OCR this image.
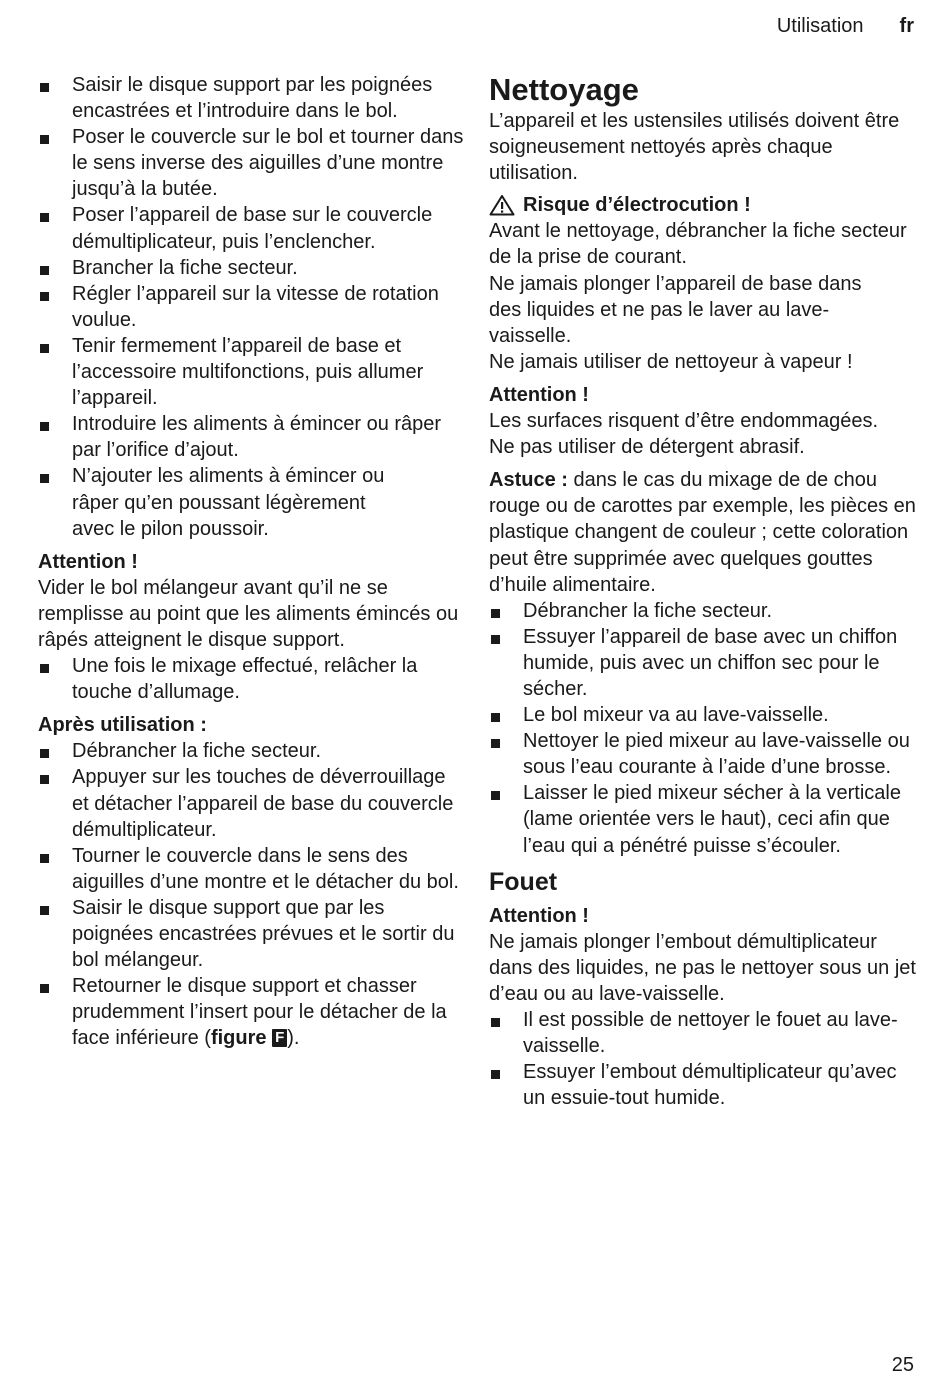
Utilisation fr
Saisir le disque support par les poignées encastrées et l’introduire dans le bol.
Poser le couvercle sur le bol et tourner dans le sens inverse des aiguilles d’une montre jusqu’à la butée.
Poser l’appareil de base sur le couvercle démultiplicateur, puis l’enclencher.
Brancher la fiche secteur.
Régler l’appareil sur la vitesse de rotation voulue.
Tenir fermement l’appareil de base et l’accessoire multifonctions, puis allumer l’appareil.
Introduire les aliments à émincer ou râper par l’orifice d’ajout.
N’ajouter les aliments à émincer ou râper qu’en poussant légèrement avec le pilon poussoir.
Attention !

Vider le bol mélangeur avant qu’il ne se remplisse au point que les aliments émincés ou râpés atteignent le disque support.

Une fois le mixage effectué, relâcher la touche d’allumage.
Après utilisation :
Débrancher la fiche secteur.
Appuyer sur les touches de déverrouillage et détacher l’appareil de base du couvercle démultiplicateur.
Tourner le couvercle dans le sens des aiguilles d’une montre et le détacher du bol.
Saisir le disque support que par les poignées encastrées prévues et le sortir du bol mélangeur.
Retourner le disque support et chasser prudemment l’insert pour le détacher de la face inférieure (figure F ).
Nettoyage

L’appareil et les ustensiles utilisés doivent être soigneusement nettoyés après chaque utilisation.

Risque d’électrocution !

Avant le nettoyage, débrancher la fiche secteur de la prise de courant.

Ne jamais plonger l’appareil de base dans des liquides et ne pas le laver au lave-vaisselle.

Ne jamais utiliser de nettoyeur à vapeur !

Attention !

Les surfaces risquent d’être endommagées.

Ne pas utiliser de détergent abrasif.

Astuce : dans le cas du mixage de de chou rouge ou de carottes par exemple, les pièces en plastique changent de couleur ; cette coloration peut être supprimée avec quelques gouttes d’huile alimentaire.

Débrancher la fiche secteur.
Essuyer l’appareil de base avec un chiffon humide, puis avec un chiffon sec pour le sécher.
Le bol mixeur va au lave-vaisselle.
Nettoyer le pied mixeur au lave-vaisselle ou sous l’eau courante à l’aide d’une brosse.
Laisser le pied mixeur sécher à la verticale (lame orientée vers le haut), ceci afin que l’eau qui a pénétré puisse s’écouler.
Fouet
Attention !

Ne jamais plonger l’embout démultiplicateur dans des liquides, ne pas le nettoyer sous un jet d’eau ou au lave-vaisselle.

Il est possible de nettoyer le fouet au lave-vaisselle.
Essuyer l’embout démultiplicateur qu’avec un essuie-tout humide.
25
